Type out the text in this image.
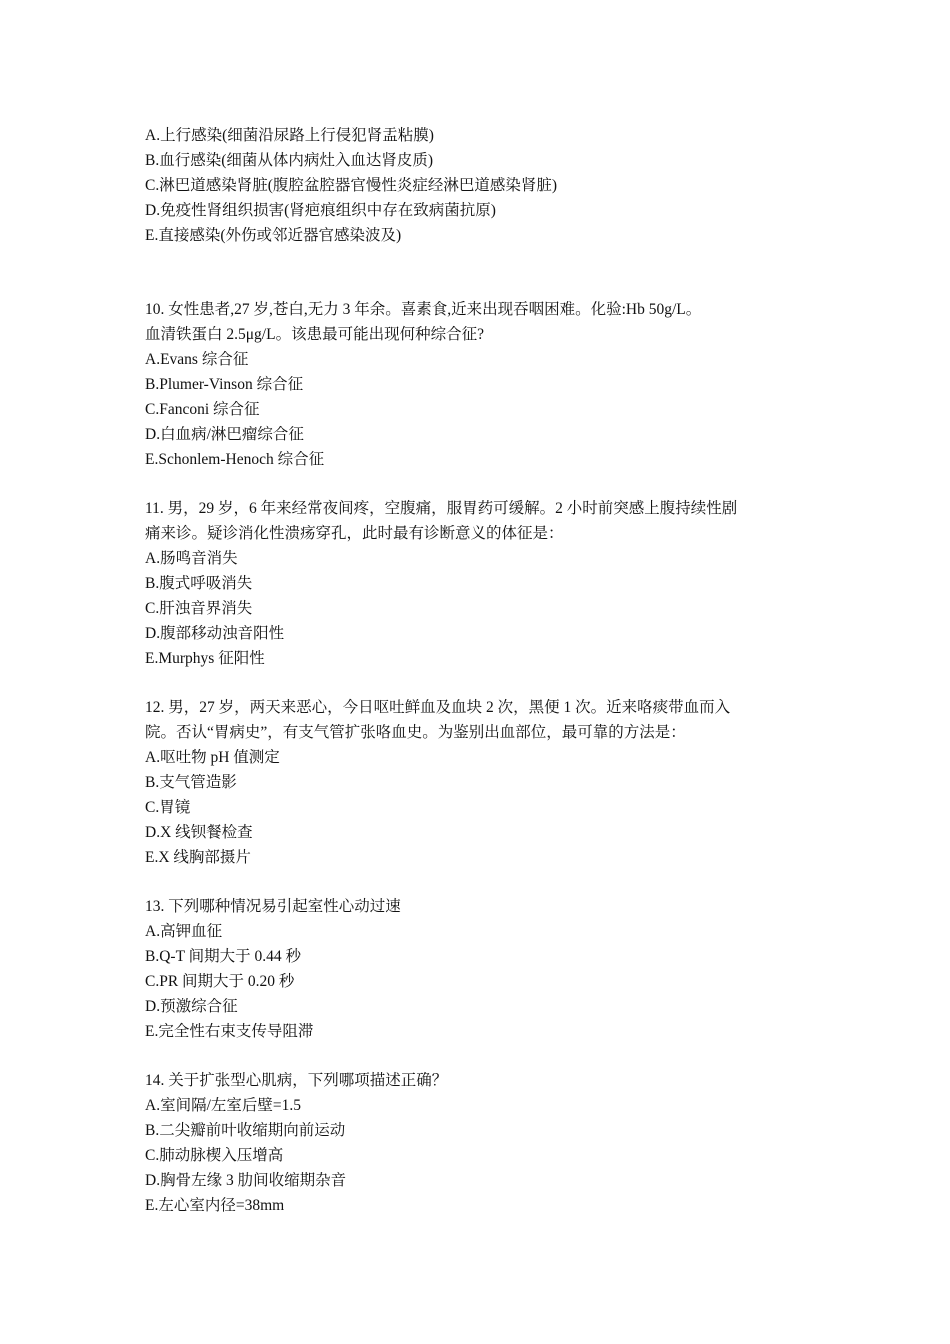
A.上行感染(细菌沿尿路上行侵犯肾盂粘膜)
B.血行感染(细菌从体内病灶入血达肾皮质)
C.淋巴道感染肾脏(腹腔盆腔器官慢性炎症经淋巴道感染肾脏)
D.免疫性肾组织损害(肾疤痕组织中存在致病菌抗原)
E.直接感染(外伤或邻近器官感染波及)
10. 女性患者,27 岁,苍白,无力 3 年余。喜素食,近来出现吞咽困难。化验:Hb 50g/L。
血清铁蛋白 2.5μg/L。该患最可能出现何种综合征?
A.Evans 综合征
B.Plumer-Vinson 综合征
C.Fanconi 综合征
D.白血病/淋巴瘤综合征
E.Schonlem-Henoch 综合征
11. 男，29 岁，6 年来经常夜间疼，空腹痛，服胃药可缓解。2 小时前突感上腹持续性剧
痛来诊。疑诊消化性溃疡穿孔，此时最有诊断意义的体征是：
A.肠鸣音消失
B.腹式呼吸消失
C.肝浊音界消失
D.腹部移动浊音阳性
E.Murphys 征阳性
12. 男，27 岁，两天来恶心，今日呕吐鲜血及血块 2 次，黑便 1 次。近来咯痰带血而入
院。否认“胃病史”，有支气管扩张咯血史。为鉴别出血部位，最可靠的方法是：
A.呕吐物 pH 值测定
B.支气管造影
C.胃镜
D.X 线钡餐检查
E.X 线胸部摄片
13. 下列哪种情况易引起室性心动过速
A.高钾血征
B.Q-T 间期大于 0.44 秒
C.PR 间期大于 0.20 秒
D.预激综合征
E.完全性右束支传导阻滞
14. 关于扩张型心肌病，下列哪项描述正确？
A.室间隔/左室后壁=1.5
B.二尖瓣前叶收缩期向前运动
C.肺动脉楔入压增高
D.胸骨左缘 3 肋间收缩期杂音
E.左心室内径=38mm
